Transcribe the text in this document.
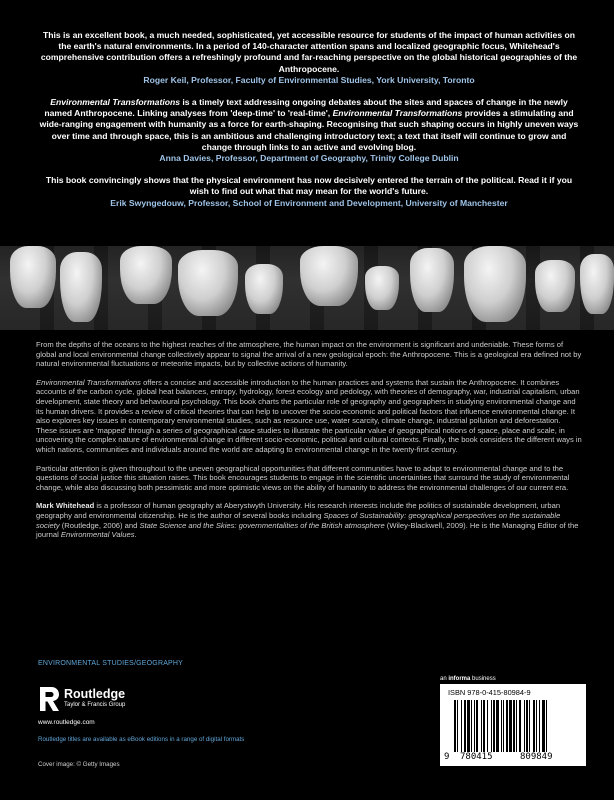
This is an excellent book, a much needed, sophisticated, yet accessible resource for students of the impact of human activities on the earth's natural environments. In a period of 140-character attention spans and localized geographic focus, Whitehead's comprehensive contribution offers a refreshingly profound and far-reaching perspective on the global historical geographies of the Anthropocene.

Roger Keil, Professor, Faculty of Environmental Studies, York University, Toronto

Environmental Transformations is a timely text addressing ongoing debates about the sites and spaces of change in the newly named Anthropocene. Linking analyses from 'deep-time' to 'real-time', Environmental Transformations provides a stimulating and wide-ranging engagement with humanity as a force for earth-shaping. Recognising that such shaping occurs in highly uneven ways over time and through space, this is an ambitious and challenging introductory text; a text that itself will continue to grow and change through links to an active and evolving blog.

Anna Davies, Professor, Department of Geography, Trinity College Dublin

This book convincingly shows that the physical environment has now decisively entered the terrain of the political. Read it if you wish to find out what that may mean for the world's future.

Erik Swyngedouw, Professor, School of Environment and Development, University of Manchester

From the depths of the oceans to the highest reaches of the atmosphere, the human impact on the environment is significant and undeniable. These forms of global and local environmental change collectively appear to signal the arrival of a new geological epoch: the Anthropocene. This is a geological era defined not by natural environmental fluctuations or meteorite impacts, but by collective actions of humanity.

Environmental Transformations offers a concise and accessible introduction to the human practices and systems that sustain the Anthropocene. It combines accounts of the carbon cycle, global heat balances, entropy, hydrology, forest ecology and pedology, with theories of demography, war, industrial capitalism, urban development, state theory and behavioural psychology. This book charts the particular role of geography and geographers in studying environmental change and its human drivers. It provides a review of critical theories that can help to uncover the socio-economic and political factors that influence environmental change. It also explores key issues in contemporary environmental studies, such as resource use, water scarcity, climate change, industrial pollution and deforestation. These issues are 'mapped' through a series of geographical case studies to illustrate the particular value of geographical notions of space, place and scale, in uncovering the complex nature of environmental change in different socio-economic, political and cultural contexts. Finally, the book considers the different ways in which nations, communities and individuals around the world are adapting to environmental change in the twenty-first century.

Particular attention is given throughout to the uneven geographical opportunities that different communities have to adapt to environmental change and to the questions of social justice this situation raises. This book encourages students to engage in the scientific uncertainties that surround the study of environmental change, while also discussing both pessimistic and more optimistic views on the ability of humanity to address the environmental challenges of our current era.

Mark Whitehead is a professor of human geography at Aberystwyth University. His research interests include the politics of sustainable development, urban geography and environmental citizenship. He is the author of several books including Spaces of Sustainability: geographical perspectives on the sustainable society (Routledge, 2006) and State Science and the Skies: governmentalities of the British atmosphere (Wiley-Blackwell, 2009). He is the Managing Editor of the journal Environmental Values.

ENVIRONMENTAL STUDIES/GEOGRAPHY
Routledge
Taylor & Francis Group
www.routledge.com
Routledge titles are available as eBook editions in a range of digital formats
Cover image: © Getty Images
an informa business
ISBN 978-0-415-80984-9
9 780415	809849
